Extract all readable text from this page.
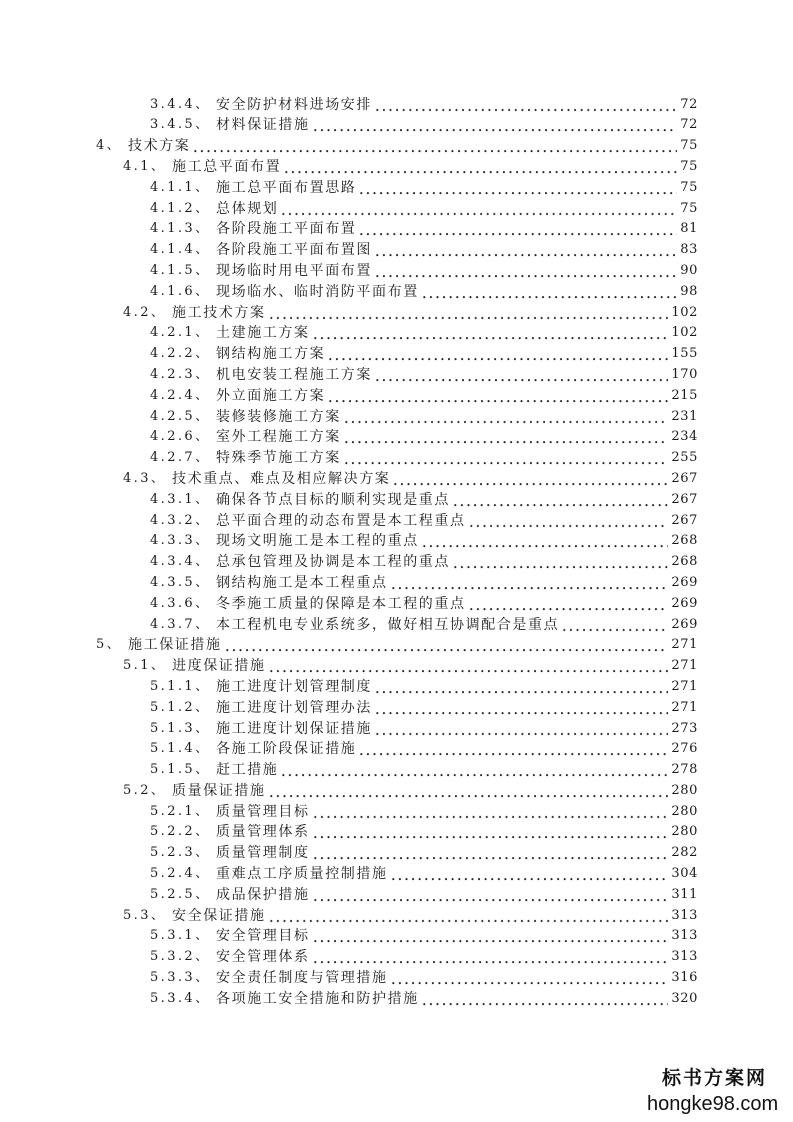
3.4.4、 安全防护材料进场安排	72
3.4.5、 材料保证措施	72
4、 技术方案	75
4.1、 施工总平面布置	75
4.1.1、 施工总平面布置思路	75
4.1.2、 总体规划	75
4.1.3、 各阶段施工平面布置	81
4.1.4、 各阶段施工平面布置图	83
4.1.5、 现场临时用电平面布置	90
4.1.6、 现场临水、临时消防平面布置	98
4.2、 施工技术方案	102
4.2.1、 土建施工方案	102
4.2.2、 钢结构施工方案	155
4.2.3、 机电安装工程施工方案	170
4.2.4、 外立面施工方案	215
4.2.5、 装修装修施工方案	231
4.2.6、 室外工程施工方案	234
4.2.7、 特殊季节施工方案	255
4.3、 技术重点、难点及相应解决方案	267
4.3.1、 确保各节点目标的顺利实现是重点	267
4.3.2、 总平面合理的动态布置是本工程重点	267
4.3.3、 现场文明施工是本工程的重点	268
4.3.4、 总承包管理及协调是本工程的重点	268
4.3.5、 钢结构施工是本工程重点	269
4.3.6、 冬季施工质量的保障是本工程的重点	269
4.3.7、 本工程机电专业系统多，做好相互协调配合是重点	269
5、 施工保证措施	271
5.1、 进度保证措施	271
5.1.1、 施工进度计划管理制度	271
5.1.2、 施工进度计划管理办法	271
5.1.3、 施工进度计划保证措施	273
5.1.4、 各施工阶段保证措施	276
5.1.5、 赶工措施	278
5.2、 质量保证措施	280
5.2.1、 质量管理目标	280
5.2.2、 质量管理体系	280
5.2.3、 质量管理制度	282
5.2.4、 重难点工序质量控制措施	304
5.2.5、 成品保护措施	311
5.3、 安全保证措施	313
5.3.1、 安全管理目标	313
5.3.2、 安全管理体系	313
5.3.3、 安全责任制度与管理措施	316
5.3.4、 各项施工安全措施和防护措施	320
标书方案网
hongke98.com
